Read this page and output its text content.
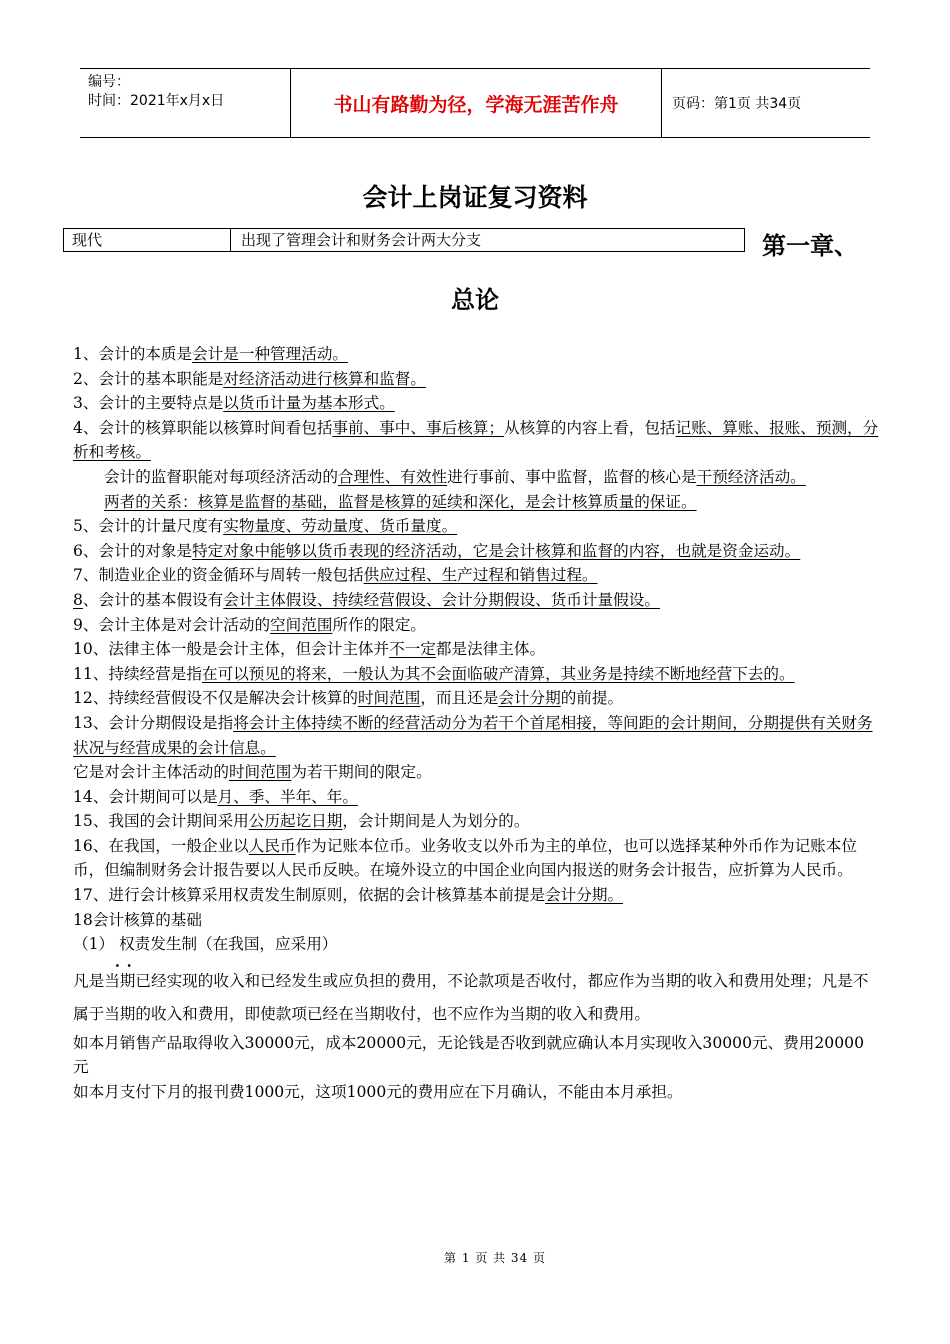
编号：
时间：2021年x月x日	书山有路勤为径，学海无涯苦作舟	页码：第1页 共34页
会计上岗证复习资料
现代	出现了管理会计和财务会计两大分支	第一章、
总论

1、会计的本质是会计是一种管理活动。

2、会计的基本职能是对经济活动进行核算和监督。

3、会计的主要特点是以货币计量为基本形式。

4、会计的核算职能以核算时间看包括事前、事中、事后核算；从核算的内容上看，包括记账、算账、报账、预测，分析和考核。

会计的监督职能对每项经济活动的合理性、有效性进行事前、事中监督，监督的核心是干预经济活动。

两者的关系：核算是监督的基础，监督是核算的延续和深化，是会计核算质量的保证。

5、会计的计量尺度有实物量度、劳动量度、货币量度。

6、会计的对象是特定对象中能够以货币表现的经济活动，它是会计核算和监督的内容，也就是资金运动。

7、制造业企业的资金循环与周转一般包括供应过程、生产过程和销售过程。

8、会计的基本假设有会计主体假设、持续经营假设、会计分期假设、货币计量假设。

9、会计主体是对会计活动的空间范围所作的限定。

10、法律主体一般是会计主体，但会计主体并不一定都是法律主体。

11、持续经营是指在可以预见的将来，一般认为其不会面临破产清算，其业务是持续不断地经营下去的。

12、持续经营假设不仅是解决会计核算的时间范围，而且还是会计分期的前提。

13、会计分期假设是指将会计主体持续不断的经营活动分为若干个首尾相接，等间距的会计期间，分期提供有关财务状况与经营成果的会计信息。

它是对会计主体活动的时间范围为若干期间的限定。

14、会计期间可以是月、季、半年、年。

15、我国的会计期间采用公历起讫日期，会计期间是人为划分的。

16、在我国，一般企业以人民币作为记账本位币。业务收支以外币为主的单位，也可以选择某种外币作为记账本位币，但编制财务会计报告要以人民币反映。在境外设立的中国企业向国内报送的财务会计报告，应折算为人民币。

17、进行会计核算采用权责发生制原则，依据的会计核算基本前提是会计分期。

18会计核算的基础

（1） 权责发生制（在我国，应采用）

．．

凡是当期已经实现的收入和已经发生或应负担的费用，不论款项是否收付，都应作为当期的收入和费用处理；凡是不属于当期的收入和费用，即使款项已经在当期收付，也不应作为当期的收入和费用。

如本月销售产品取得收入30000元，成本20000元，无论钱是否收到就应确认本月实现收入30000元、费用20000元

如本月支付下月的报刊费1000元，这项1000元的费用应在下月确认，不能由本月承担。

第 1 页 共 34 页
